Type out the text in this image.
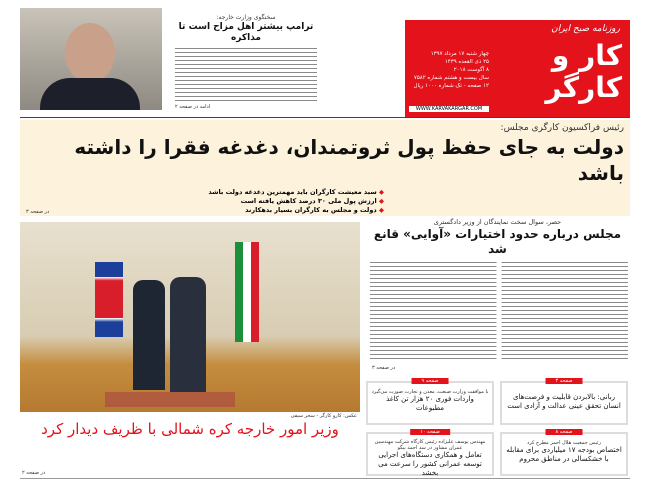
سخنگوی وزارت خارجه:
ترامپ بیشتر اهل مزاح است تا مذاکره
ادامه در صفحه ۲
روزنامه صبح ایران
کار و کارگر
چهار شنبه ۱۷ مرداد ۱۳۹۷
۲۵ ذی القعده ۱۴۳۹
۸ آگوست ۲۰۱۸
سال بیست و هشتم شماره ۷۵۸۲
۱۲ صفحه - تک شماره ۱۰۰۰ ریال
WWW.KARVAKARGAR.COM
رئیس فراکسیون کارگری مجلس:
دولت به جای حفظ پول ثروتمندان، دغدغه فقرا را داشته باشد
◆ سبد معیشت کارگران باید مهمترین دغدغه دولت باشد
◆ ارزش پول ملی ۳۰ درصد کاهش یافته است
◆ دولت و مجلس به کارگران بسیار بدهکارند
در صفحه ۳
عکس: کارو کارگر - سحر سیفی
وزیر امور خارجه کره شمالی با ظریف دیدار کرد
در صفحه ۲
حصر، سوال سخت نمایندگان از وزیر دادگستری
مجلس درباره حدود اختیارات «آوایی» قانع شد
در صفحه ۳
صفحه ۳
ربانی: بالابردن قابلیت و فرصت‌های انسان تحقق عینی عدالت و آزادی است
صفحه ۹
با موافقت وزارت صنعت، معدن و تجارت صورت می‌گیرد
واردات فوری ۲۰ هزار تن کاغذ مطبوعات
صفحه ۸
رئیس جمعیت هلال احمر مطرح کرد
اختصاص بودجه ۱۷ میلیاردی برای مقابله با خشکسالی در مناطق محروم
صفحه ۱۰
مهندس یوسف علیزاده رئیس کارگاه شرکت مهندسین عمران مشاور در سد احمد بیگو
تعامل و همکاری دستگاه‌های اجرایی توسعه عمرانی کشور را سرعت می بخشد
